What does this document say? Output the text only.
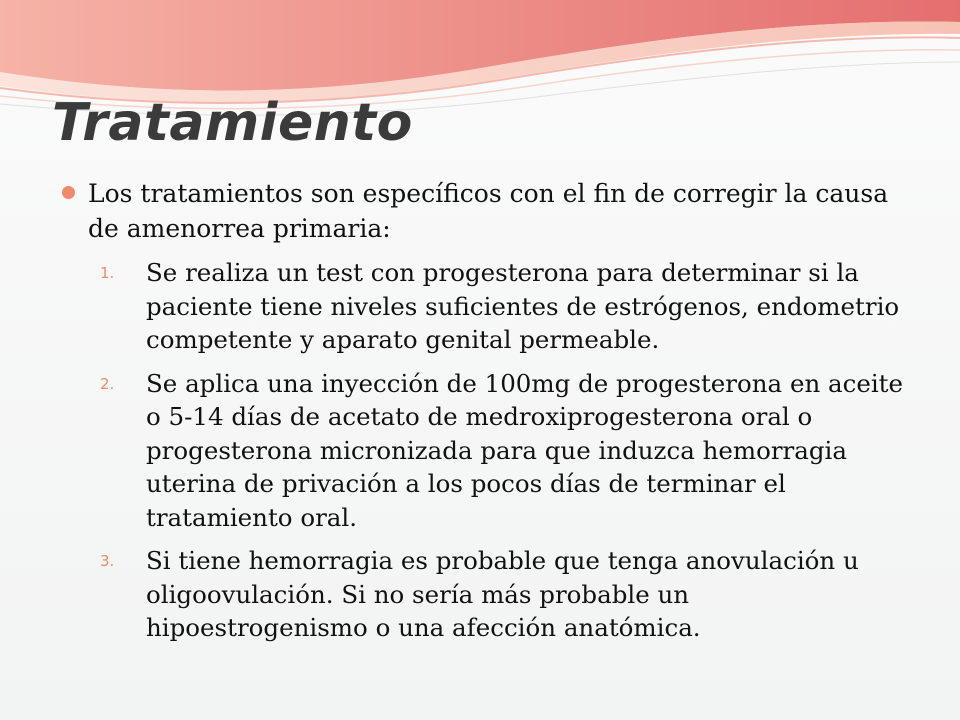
Tratamiento
Los tratamientos son específicos con el fin de corregir la causa de amenorrea primaria:
1. Se realiza un test con progesterona para determinar si la paciente tiene niveles suficientes de estrógenos, endometrio competente y aparato genital permeable.
2. Se aplica una inyección de 100mg de progesterona en aceite o 5-14 días de acetato de medroxiprogesterona oral o progesterona micronizada para que induzca hemorragia uterina de privación a los pocos días de terminar el tratamiento oral.
3. Si tiene hemorragia es probable que tenga anovulación u oligoovulación. Si no sería más probable un hipoestrogenismo o una afección anatómica.
